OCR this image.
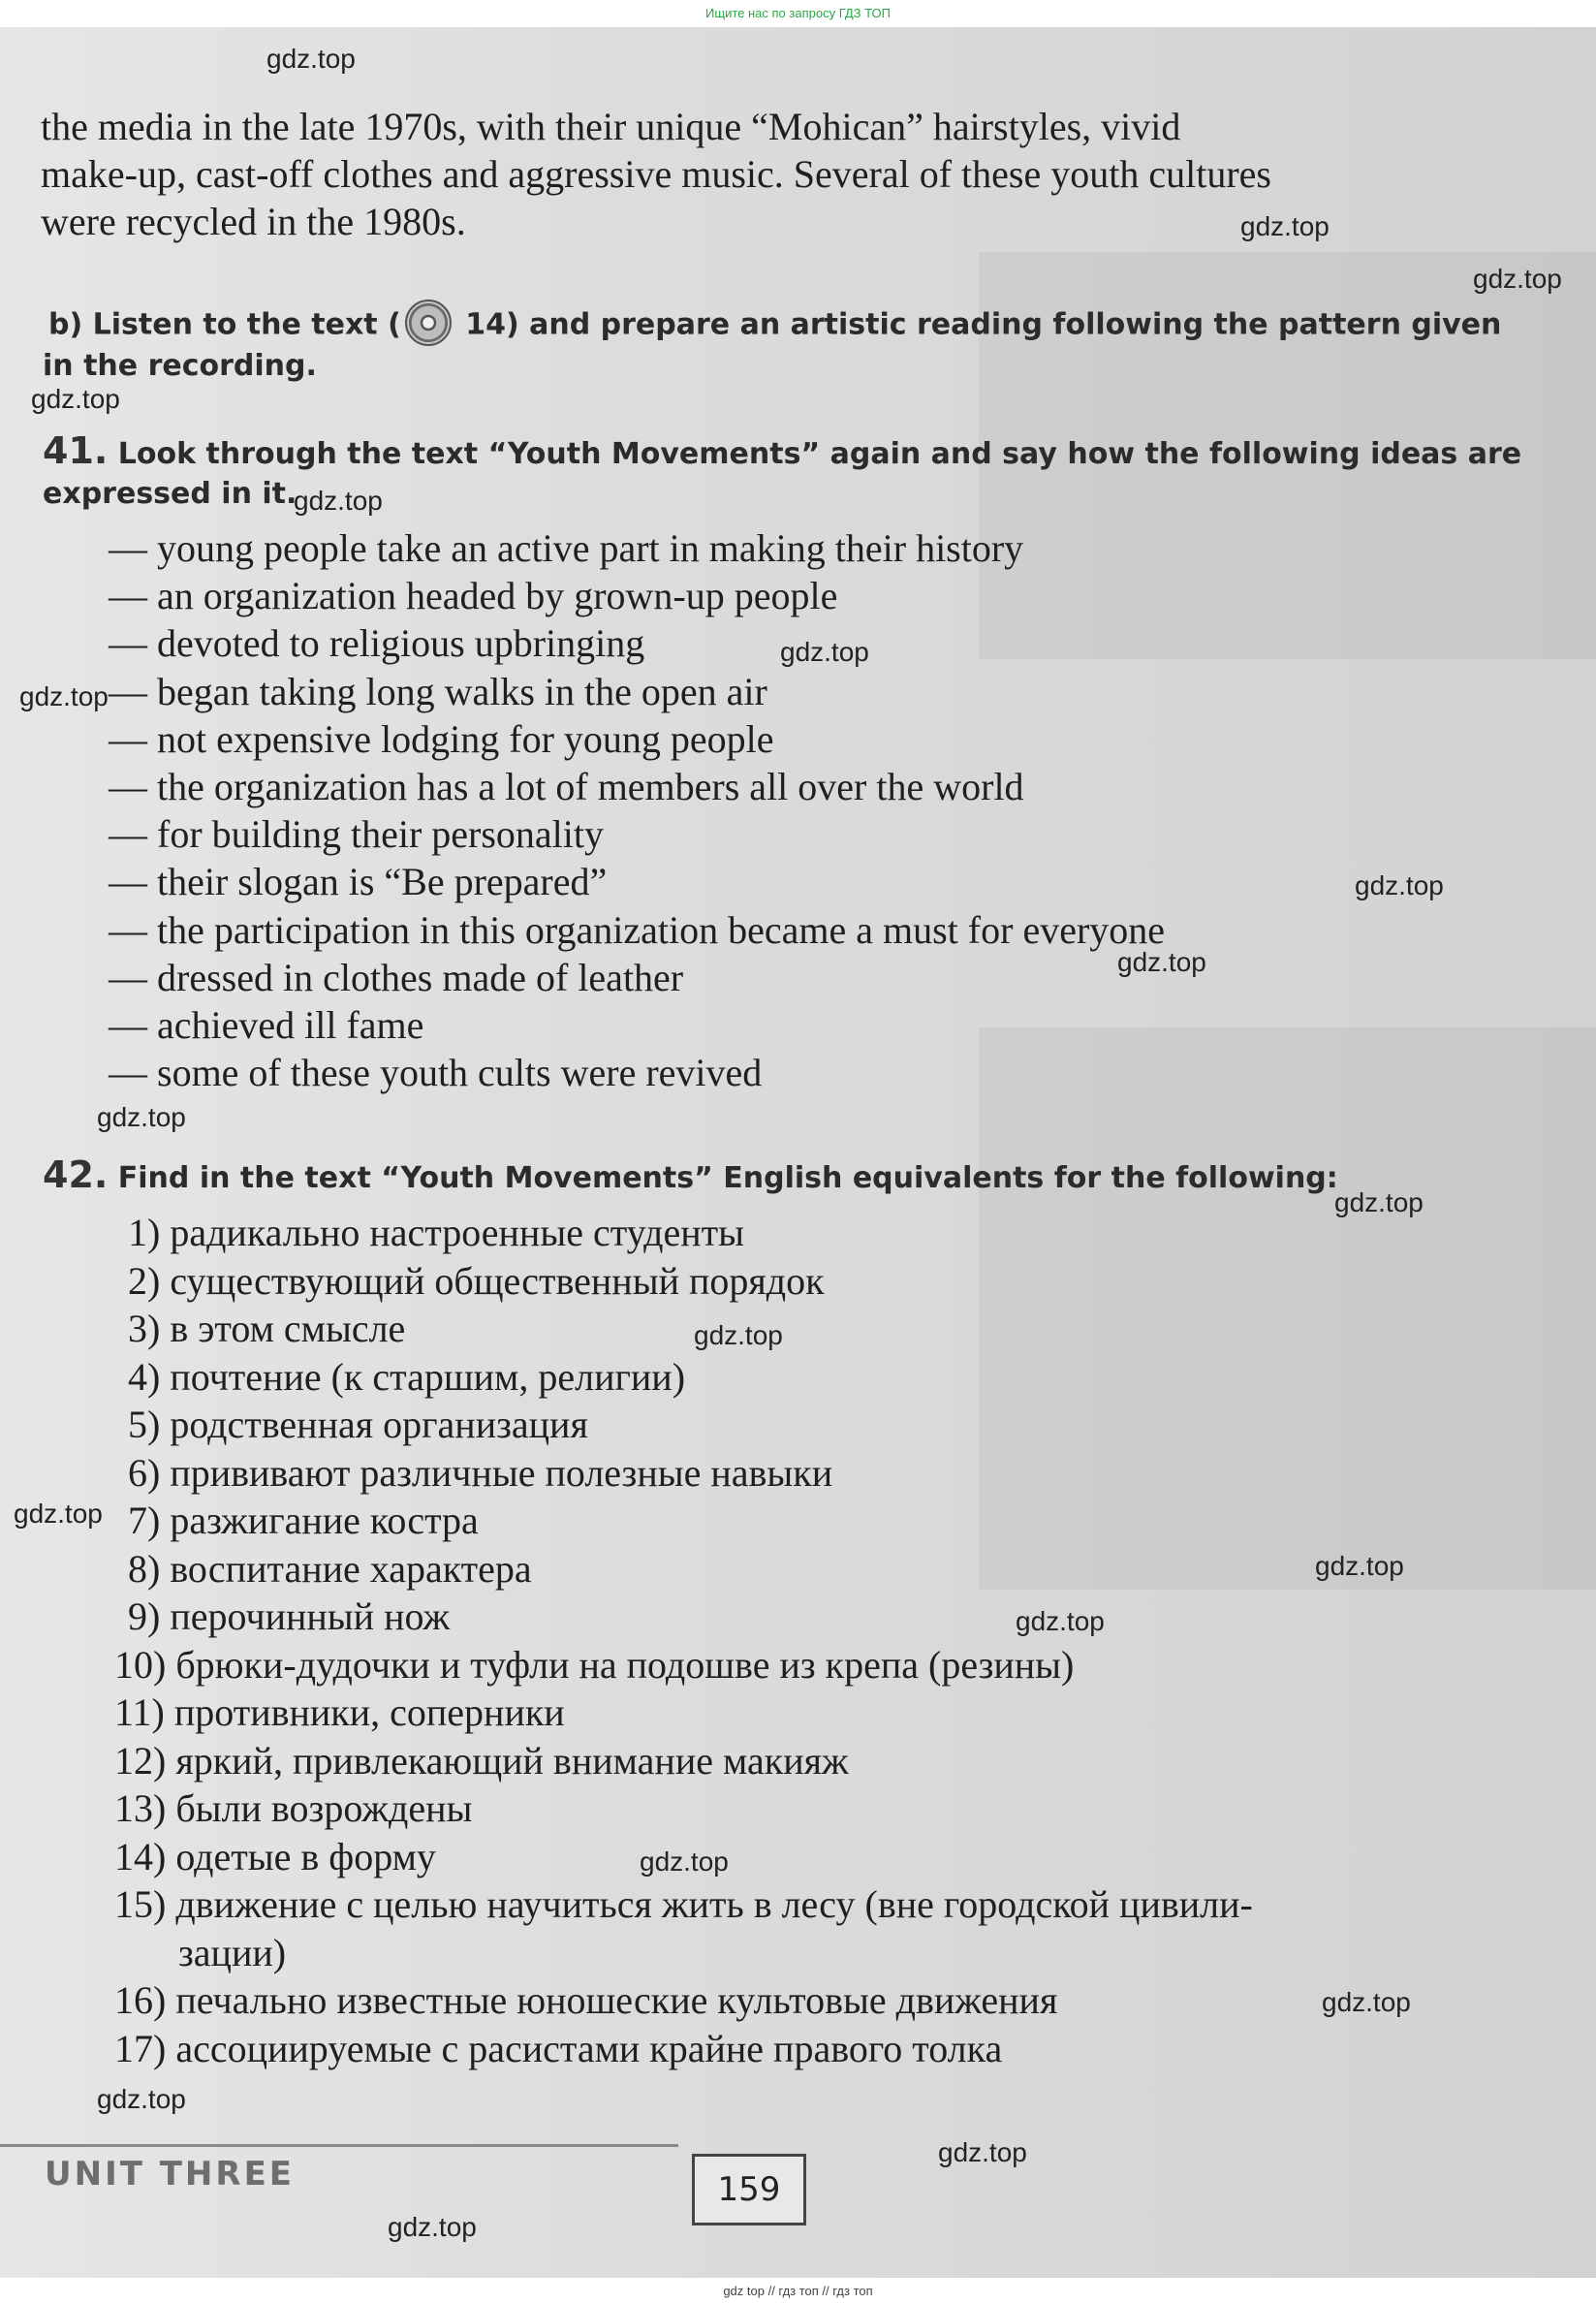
Ищите нас по запросу ГДЗ ТОП
the media in the late 1970s, with their unique “Mohican” hairstyles, vivid
make-up, cast-off clothes and aggressive music. Several of these youth cultures
were recycled in the 1980s.
b) Listen to the text ( 14) and prepare an artistic reading following the pattern given
in the recording.
41. Look through the text “Youth Movements” again and say how the following ideas are
expressed in it.
— young people take an active part in making their history
— an organization headed by grown-up people
— devoted to religious upbringing
— began taking long walks in the open air
— not expensive lodging for young people
— the organization has a lot of members all over the world
— for building their personality
— their slogan is “Be prepared”
— the participation in this organization became a must for everyone
— dressed in clothes made of leather
— achieved ill fame
— some of these youth cults were revived
42. Find in the text “Youth Movements” English equivalents for the following:
1) радикально настроенные студенты
2) существующий общественный порядок
3) в этом смысле
4) почтение (к старшим, религии)
5) родственная организация
6) прививают различные полезные навыки
7) разжигание костра
8) воспитание характера
9) перочинный нож
10) брюки-дудочки и туфли на подошве из крепа (резины)
11) противники, соперники
12) яркий, привлекающий внимание макияж
13) были возрождены
14) одетые в форму
15) движение с целью научиться жить в лесу (вне городской цивили-
зации)
16) печально известные юношеские культовые движения
17) ассоциируемые с расистами крайне правого толка
UNIT THREE	159
gdz.top
gdz.top
gdz.top
gdz.top
gdz.top
gdz.top
gdz.top
gdz.top
gdz.top
gdz.top
gdz.top
gdz.top
gdz.top
gdz.top
gdz.top
gdz.top
gdz.top
gdz.top
gdz.top
gdz.top
gdz top // гдз топ // гдз топ
